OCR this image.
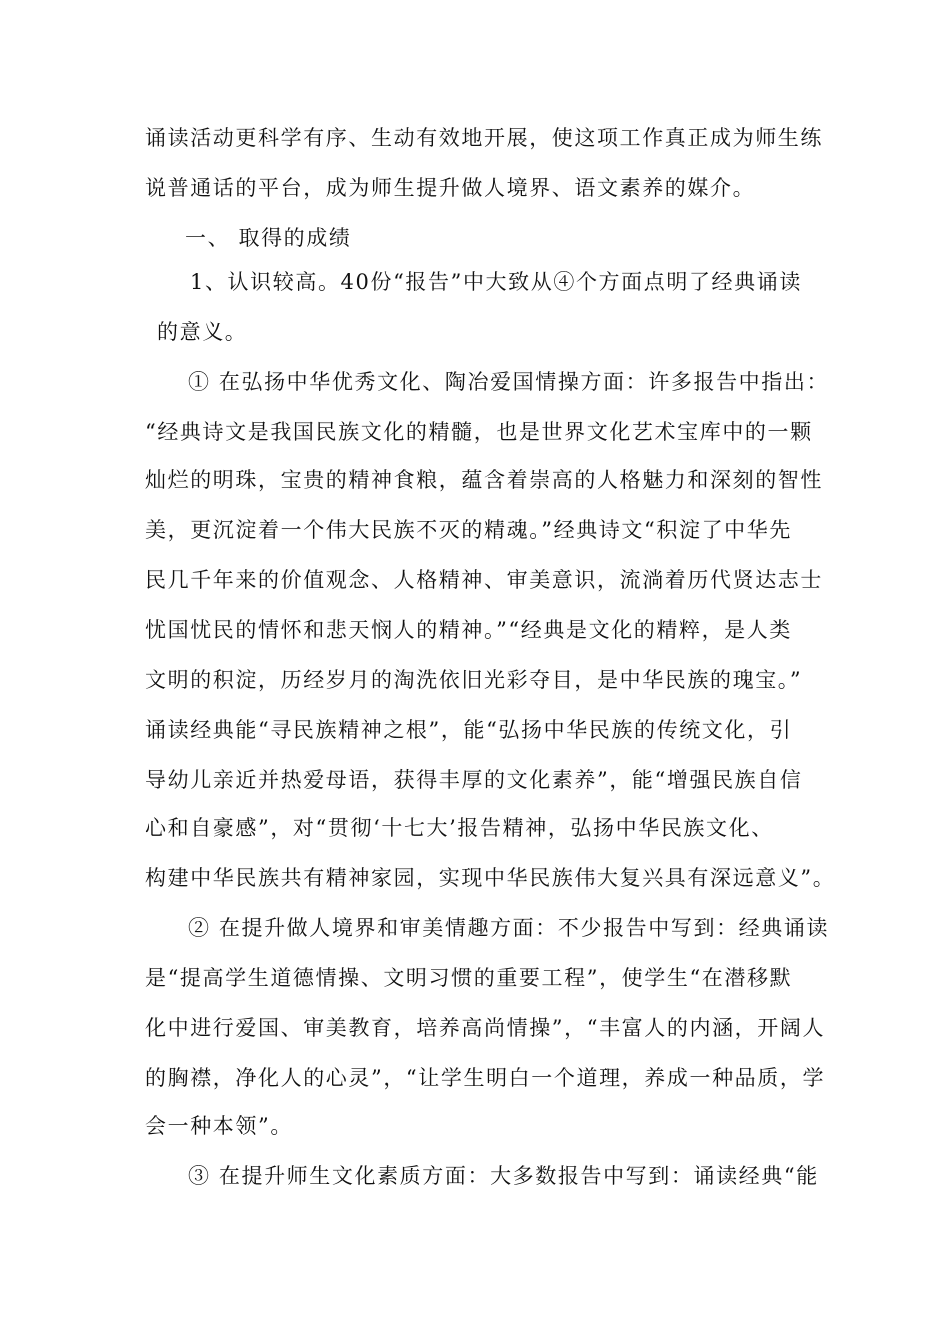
诵读活动更科学有序、生动有效地开展，使这项工作真正成为师生练
说普通话的平台，成为师生提升做人境界、语文素养的媒介。
一、 取得的成绩
1、认识较高。40份“报告”中大致从④个方面点明了经典诵读
的意义。
① 在弘扬中华优秀文化、陶冶爱国情操方面：许多报告中指出：
“经典诗文是我国民族文化的精髓，也是世界文化艺术宝库中的一颗
灿烂的明珠，宝贵的精神食粮，蕴含着崇高的人格魅力和深刻的智性
美，更沉淀着一个伟大民族不灭的精魂。”经典诗文“积淀了中华先
民几千年来的价值观念、人格精神、审美意识，流淌着历代贤达志士
忧国忧民的情怀和悲天悯人的精神。”“经典是文化的精粹，是人类
文明的积淀，历经岁月的淘洗依旧光彩夺目，是中华民族的瑰宝。”
诵读经典能“寻民族精神之根”，能“弘扬中华民族的传统文化，引
导幼儿亲近并热爱母语，获得丰厚的文化素养”，能“增强民族自信
心和自豪感”，对“贯彻‘十七大’报告精神，弘扬中华民族文化、
构建中华民族共有精神家园，实现中华民族伟大复兴具有深远意义”。
② 在提升做人境界和审美情趣方面：不少报告中写到：经典诵读
是“提高学生道德情操、文明习惯的重要工程”，使学生“在潜移默
化中进行爱国、审美教育，培养高尚情操”，“丰富人的内涵，开阔人
的胸襟，净化人的心灵”，“让学生明白一个道理，养成一种品质，学
会一种本领”。
③ 在提升师生文化素质方面：大多数报告中写到：诵读经典“能
